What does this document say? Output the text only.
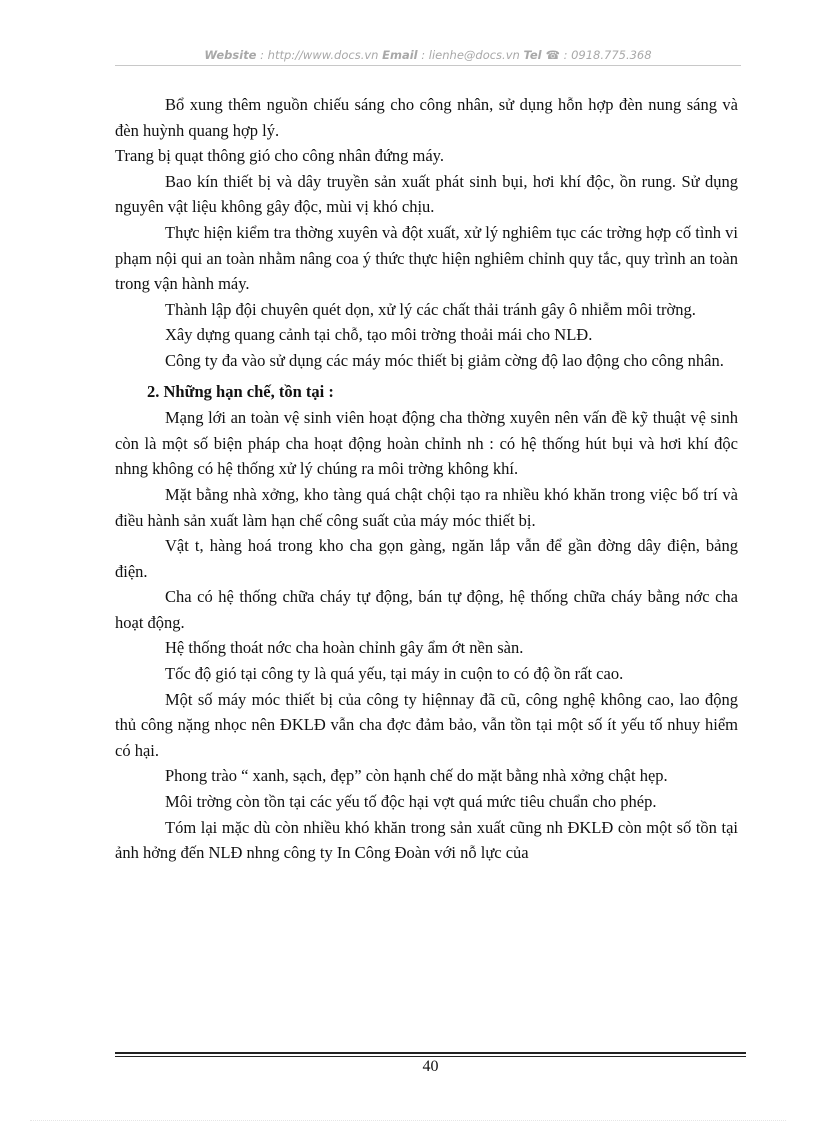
Website : http://www.docs.vn Email : lienhe@docs.vn Tel ☎ : 0918.775.368

Bổ xung thêm nguồn chiếu sáng cho công nhân, sử dụng hỗn hợp đèn nung sáng và đèn huỳnh quang hợp lý.

Trang bị quạt thông gió cho công nhân đứng máy.

Bao kín thiết bị và dây truyền sản xuất phát sinh bụi, hơi khí độc, ồn rung. Sử dụng nguyên vật liệu không gây độc, mùi vị khó chịu.

Thực hiện kiểm tra thờng xuyên và đột xuất, xử lý nghiêm tục các trờng hợp cố tình vi phạm nội qui an toàn nhằm nâng coa ý thức thực hiện nghiêm chỉnh quy tắc, quy trình an toàn trong vận hành máy.

Thành lập đội chuyên quét dọn, xử lý các chất thải tránh gây ô nhiễm môi trờng.

Xây dựng quang cảnh tại chỗ, tạo môi trờng thoải mái cho NLĐ.

Công ty đa vào sử dụng các máy móc thiết bị giảm cờng độ lao động cho công nhân.

2. Những hạn chế, tồn tại :

Mạng lới an toàn vệ sinh viên hoạt động cha thờng xuyên nên vấn đề kỹ thuật vệ sinh còn là một số biện pháp cha hoạt động hoàn chỉnh nh : có hệ thống hút bụi và hơi khí độc nhng không có hệ thống xử lý chúng ra môi trờng không khí.

Mặt bằng nhà xởng, kho tàng quá chật chội tạo ra nhiều khó khăn trong việc bố trí và điều hành sản xuất làm hạn chế công suất của máy móc thiết bị.

Vật t, hàng hoá trong kho cha gọn gàng, ngăn lắp vẫn để gần đờng dây điện, bảng điện.

Cha có hệ thống chữa cháy tự động, bán tự động, hệ thống chữa cháy bằng nớc cha hoạt động.

Hệ thống thoát nớc cha hoàn chỉnh gây ẩm ớt nền sàn.

Tốc độ gió tại công ty là quá yếu, tại máy in cuộn to có độ ồn rất cao.

Một số máy móc thiết bị của công ty hiệnnay đã cũ, công nghệ không cao, lao động thủ công nặng nhọc nên ĐKLĐ vẫn cha đợc đảm bảo, vẫn tồn tại một số ít yếu tố nhuy hiểm có hại.

Phong trào “ xanh, sạch, đẹp” còn hạnh chế do mặt bằng nhà xởng chật hẹp.

Môi trờng còn tồn tại các yếu tố độc hại vợt quá mức tiêu chuẩn cho phép.

Tóm lại mặc dù còn nhiều khó khăn trong sản xuất cũng nh ĐKLĐ còn một số tồn tại ảnh hởng đến NLĐ nhng công ty In Công Đoàn với nỗ lực của

40
